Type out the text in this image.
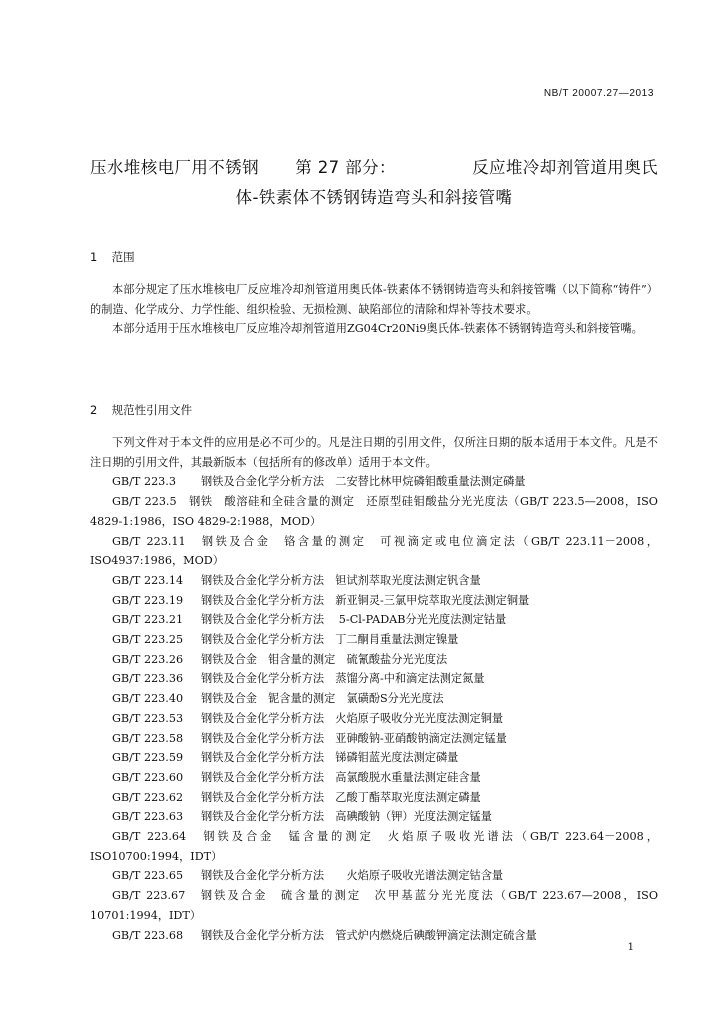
NB/T 20007.27—2013
压水堆核电厂用不锈钢 第 27 部分：	反应堆冷却剂管道用奥氏
体-铁素体不锈钢铸造弯头和斜接管嘴
1 范围

本部分规定了压水堆核电厂反应堆冷却剂管道用奥氏体-铁素体不锈钢铸造弯头和斜接管嘴（以下简称“铸件”）的制造、化学成分、力学性能、组织检验、无损检测、缺陷部位的清除和焊补等技术要求。

本部分适用于压水堆核电厂反应堆冷却剂管道用ZG04Cr20Ni9奥氏体-铁素体不锈钢铸造弯头和斜接管嘴。

2 规范性引用文件

下列文件对于本文件的应用是必不可少的。凡是注日期的引用文件，仅所注日期的版本适用于本文件。凡是不注日期的引用文件，其最新版本（包括所有的修改单）适用于本文件。

GB/T 223.3 钢铁及合金化学分析方法　二安替比林甲烷磷钼酸重量法测定磷量

GB/T 223.5　 钢铁　酸溶硅和全硅含量的测定　还原型硅钼酸盐分光光度法（GB/T 223.5—2008，ISO 4829-1:1986，ISO 4829-2:1988，MOD）

GB/T 223.11　 钢铁及合金　铬含量的测定　可视滴定或电位滴定法（GB/T 223.11－2008，ISO4937:1986，MOD）

GB/T 223.14 钢铁及合金化学分析方法　钽试剂萃取光度法测定钒含量

GB/T 223.19 钢铁及合金化学分析方法　新亚铜灵-三氯甲烷萃取光度法测定铜量

GB/T 223.21 钢铁及合金化学分析方法　 5-Cl-PADAB分光光度法测定钴量

GB/T 223.25 钢铁及合金化学分析方法　丁二酮肙重量法测定镍量

GB/T 223.26 钢铁及合金　钼含量的测定　硫氰酸盐分光光度法

GB/T 223.36 钢铁及合金化学分析方法　蒸馏分离-中和滴定法测定氮量

GB/T 223.40 钢铁及合金　铌含量的测定　氯磺酚S分光光度法

GB/T 223.53 钢铁及合金化学分析方法　火焰原子吸收分光光度法测定铜量

GB/T 223.58 钢铁及合金化学分析方法　亚砷酸钠-亚硝酸钠滴定法测定锰量

GB/T 223.59 钢铁及合金化学分析方法　锑磷钼蓝光度法测定磷量

GB/T 223.60 钢铁及合金化学分析方法　高氯酸脱水重量法测定硅含量

GB/T 223.62 钢铁及合金化学分析方法　乙酸丁酯萃取光度法测定磷量

GB/T 223.63 钢铁及合金化学分析方法　高碘酸钠（钾）光度法测定锰量

GB/T 223.64　 钢铁及合金　锰含量的测定　火焰原子吸收光谱法（GB/T 223.64－2008，ISO10700:1994，IDT）

GB/T 223.65 钢铁及合金化学分析方法　　火焰原子吸收光谱法测定钴含量

GB/T 223.67　 钢铁及合金　硫含量的测定　次甲基蓝分光光度法（GB/T 223.67—2008，ISO 10701:1994，IDT）

GB/T 223.68 钢铁及合金化学分析方法　管式炉内燃烧后碘酸钾滴定法测定硫含量

1
